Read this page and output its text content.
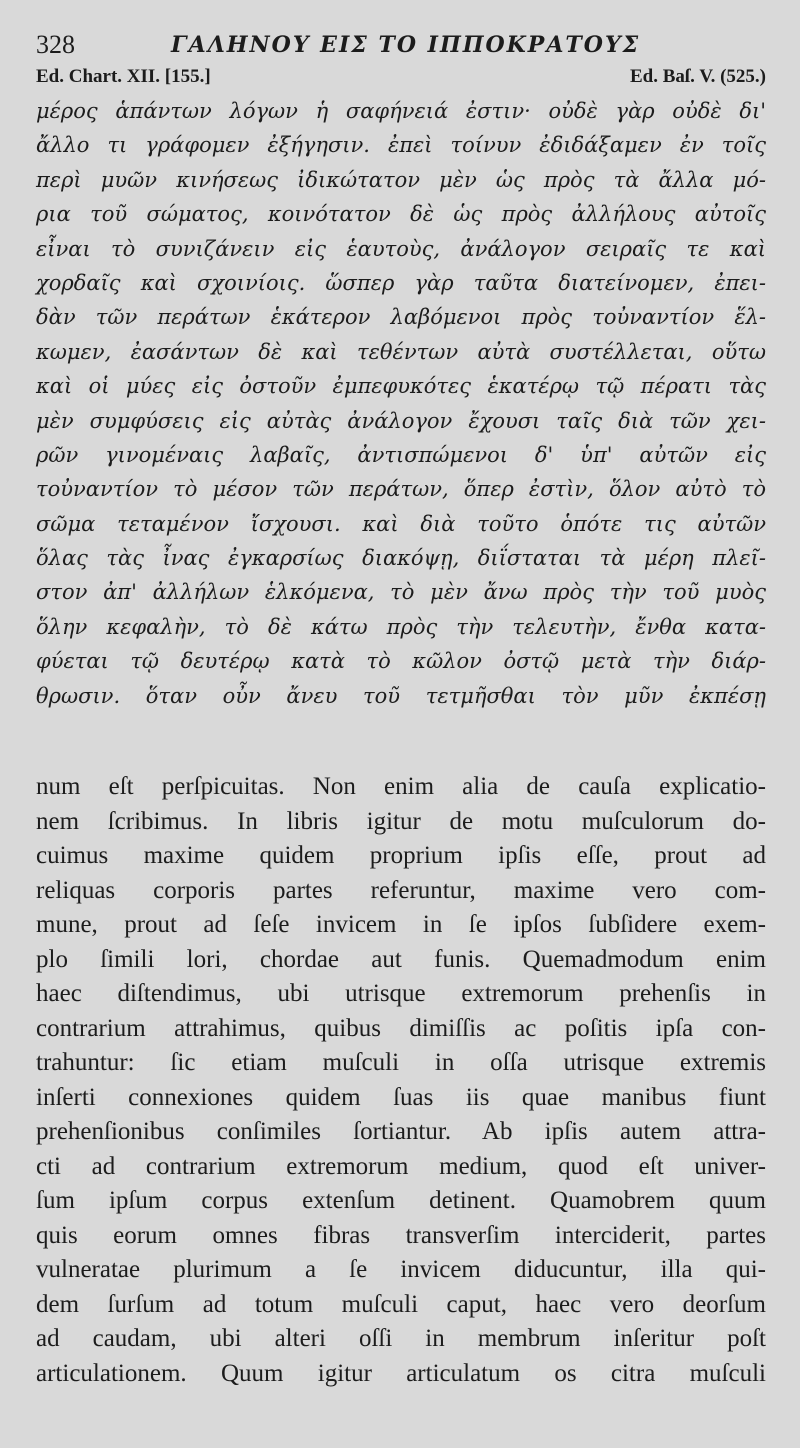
328	ΓΑΛΗΝΟΥ ΕΙΣ ΤΟ ΙΠΠΟΚΡΑΤΟΥΣ
Ed. Chart. XII. [155.]	Ed. Baſ. V. (525.)
μέρος ἁπάντων λόγων ἡ σαφήνειά ἐστιν· οὐδὲ γὰρ οὐδὲ δι'
ἄλλο τι γράφομεν ἐξήγησιν. ἐπεὶ τοίνυν ἐδιδάξαμεν ἐν τοῖς
περὶ μυῶν κινήσεως ἰδικώτατον μὲν ὡς πρὸς τὰ ἄλλα μό-
ρια τοῦ σώματος, κοινότατον δὲ ὡς πρὸς ἀλλήλους αὐτοῖς
εἶναι τὸ συνιζάνειν εἰς ἑαυτοὺς, ἀνάλογον σειραῖς τε καὶ
χορδαῖς καὶ σχοινίοις. ὥσπερ γὰρ ταῦτα διατείνομεν, ἐπει-
δὰν τῶν περάτων ἑκάτερον λαβόμενοι πρὸς τοὐναντίον ἕλ-
κωμεν, ἐασάντων δὲ καὶ τεθέντων αὐτὰ συστέλλεται, οὕτω
καὶ οἱ μύες εἰς ὀστοῦν ἐμπεφυκότες ἑκατέρῳ τῷ πέρατι τὰς
μὲν συμφύσεις εἰς αὐτὰς ἀνάλογον ἔχουσι ταῖς διὰ τῶν χει-
ρῶν γινομέναις λαβαῖς, ἀντισπώμενοι δ' ὑπ' αὐτῶν εἰς
τοὐναντίον τὸ μέσον τῶν περάτων, ὅπερ ἐστὶν, ὅλον αὐτὸ τὸ
σῶμα τεταμένον ἴσχουσι. καὶ διὰ τοῦτο ὁπότε τις αὐτῶν
ὅλας τὰς ἶνας ἐγκαρσίως διακόψῃ, διΐσταται τὰ μέρη πλεῖ-
στον ἀπ' ἀλλήλων ἑλκόμενα, τὸ μὲν ἄνω πρὸς τὴν τοῦ μυὸς
ὅλην κεφαλὴν, τὸ δὲ κάτω πρὸς τὴν τελευτὴν, ἔνθα κατα-
φύεται τῷ δευτέρῳ κατὰ τὸ κῶλον ὀστῷ μετὰ τὴν διάρ-
θρωσιν. ὅταν οὖν ἄνευ τοῦ τετμῆσθαι τὸν μῦν ἐκπέσῃ
num eſt perſpicuitas. Non enim alia de cauſa explicatio-
nem ſcribimus. In libris igitur de motu muſculorum do-
cuimus maxime quidem proprium ipſis eſſe, prout ad
reliquas corporis partes referuntur, maxime vero com-
mune, prout ad ſeſe invicem in ſe ipſos ſubſidere exem-
plo ſimili lori, chordae aut funis. Quemadmodum enim
haec diſtendimus, ubi utrisque extremorum prehenſis in
contrarium attrahimus, quibus dimiſſis ac poſitis ipſa con-
trahuntur: ſic etiam muſculi in oſſa utrisque extremis
inſerti connexiones quidem ſuas iis quae manibus fiunt
prehenſionibus conſimiles ſortiantur. Ab ipſis autem attra-
cti ad contrarium extremorum medium, quod eſt univer-
ſum ipſum corpus extenſum detinent. Quamobrem quum
quis eorum omnes fibras transverſim interciderit, partes
vulneratae plurimum a ſe invicem diducuntur, illa qui-
dem ſurſum ad totum muſculi caput, haec vero deorſum
ad caudam, ubi alteri oſſi in membrum inſeritur poſt
articulationem. Quum igitur articulatum os citra muſculi
